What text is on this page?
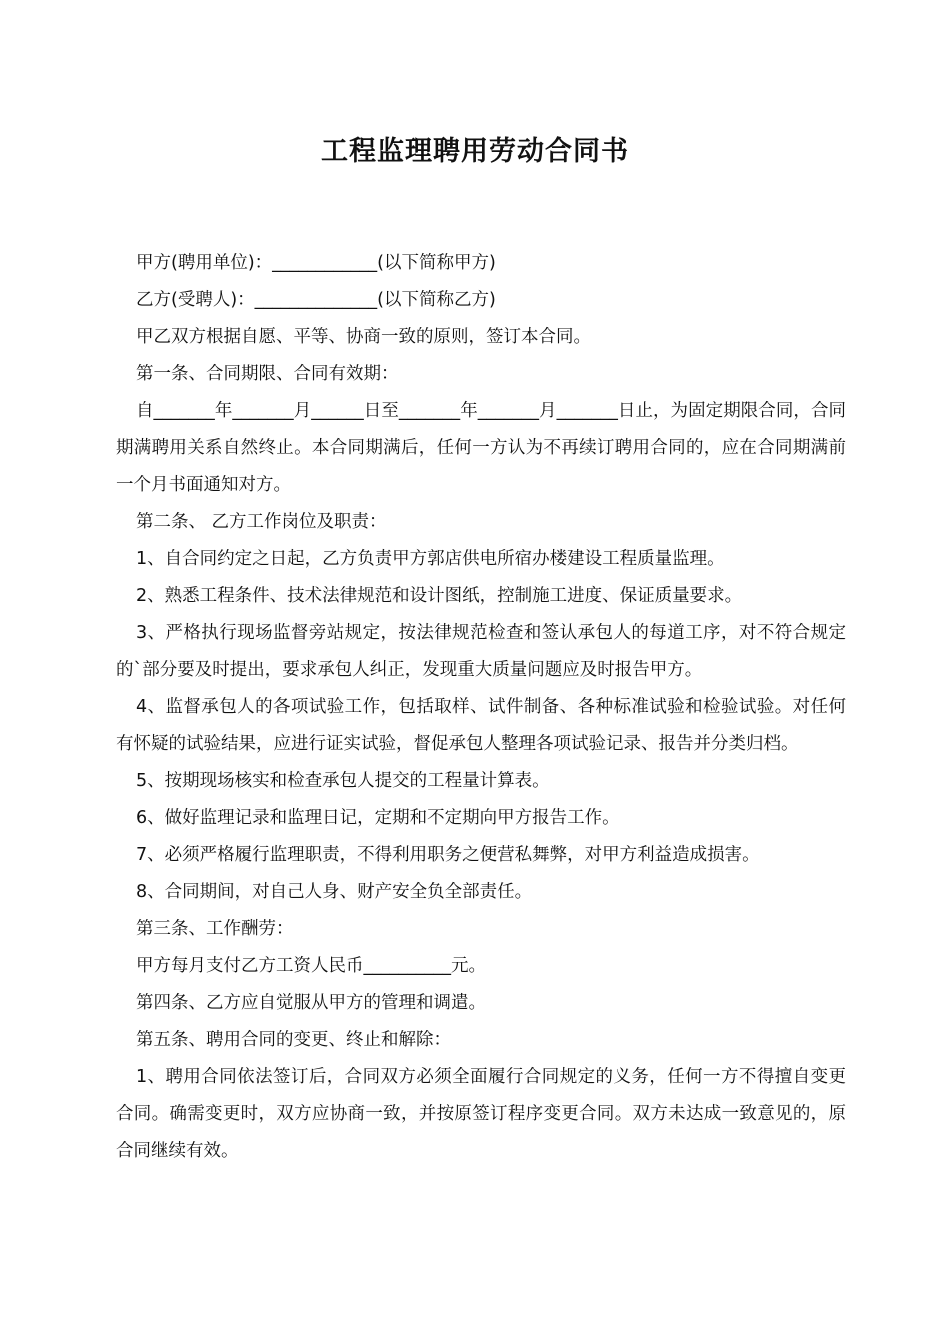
工程监理聘用劳动合同书

甲方(聘用单位)：____________(以下简称甲方)

乙方(受聘人)：______________(以下简称乙方)

甲乙双方根据自愿、平等、协商一致的原则，签订本合同。

第一条、合同期限、合同有效期：

自_______年_______月______日至_______年_______月_______日止，为固定期限合同，合同期满聘用关系自然终止。本合同期满后，任何一方认为不再续订聘用合同的，应在合同期满前一个月书面通知对方。

第二条、 乙方工作岗位及职责：

1、自合同约定之日起，乙方负责甲方郭店供电所宿办楼建设工程质量监理。

2、熟悉工程条件、技术法律规范和设计图纸，控制施工进度、保证质量要求。

3、严格执行现场监督旁站规定，按法律规范检查和签认承包人的每道工序，对不符合规定的`部分要及时提出，要求承包人纠正，发现重大质量问题应及时报告甲方。

4、监督承包人的各项试验工作，包括取样、试件制备、各种标准试验和检验试验。对任何有怀疑的试验结果，应进行证实试验，督促承包人整理各项试验记录、报告并分类归档。

5、按期现场核实和检查承包人提交的工程量计算表。

6、做好监理记录和监理日记，定期和不定期向甲方报告工作。

7、必须严格履行监理职责，不得利用职务之便营私舞弊，对甲方利益造成损害。

8、合同期间，对自己人身、财产安全负全部责任。

第三条、工作酬劳：

甲方每月支付乙方工资人民币__________元。

第四条、乙方应自觉服从甲方的管理和调遣。

第五条、聘用合同的变更、终止和解除：

1、聘用合同依法签订后，合同双方必须全面履行合同规定的义务，任何一方不得擅自变更合同。确需变更时，双方应协商一致，并按原签订程序变更合同。双方未达成一致意见的，原合同继续有效。
